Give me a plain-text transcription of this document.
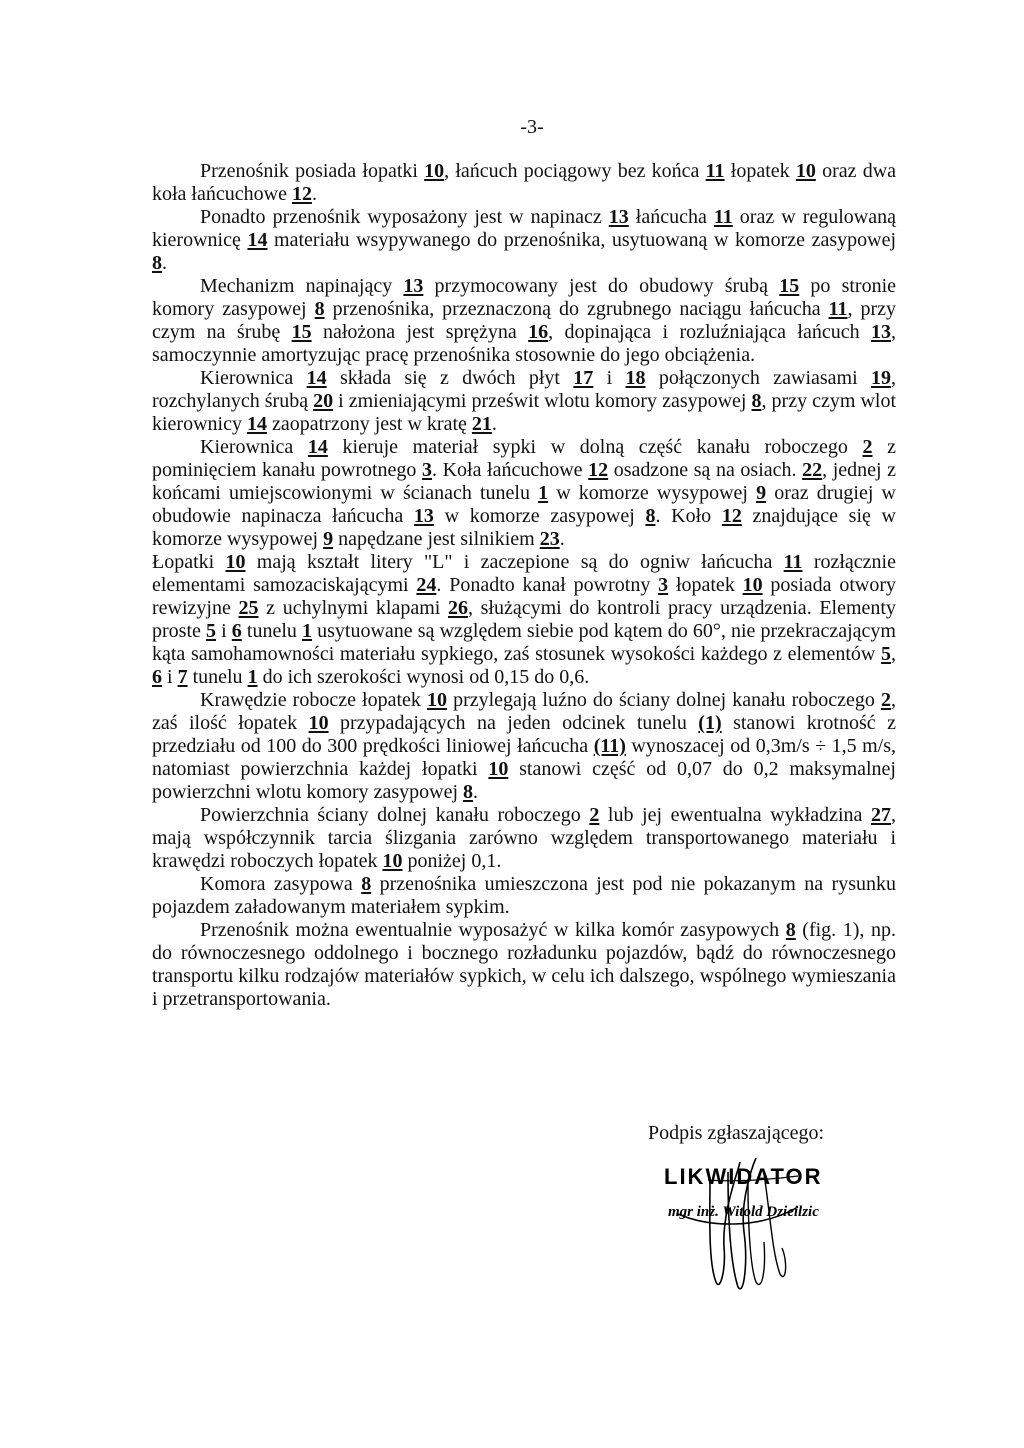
-3-

Przenośnik posiada łopatki 10, łańcuch pociągowy bez końca 11 łopatek 10 oraz dwa koła łańcuchowe 12.

Ponadto przenośnik wyposażony jest w napinacz 13 łańcucha 11 oraz w regulowaną kierownicę 14 materiału wsypywanego do przenośnika, usytuowaną w komorze zasypowej 8.

Mechanizm napinający 13 przymocowany jest do obudowy śrubą 15 po stronie komory zasypowej 8 przenośnika, przeznaczoną do zgrubnego naciągu łańcucha 11, przy czym na śrubę 15 nałożona jest sprężyna 16, dopinająca i rozluźniająca łańcuch 13, samoczynnie amortyzując pracę przenośnika stosownie do jego obciążenia.

Kierownica 14 składa się z dwóch płyt 17 i 18 połączonych zawiasami 19, rozchylanych śrubą 20 i zmieniającymi prześwit wlotu komory zasypowej 8, przy czym wlot kierownicy 14 zaopatrzony jest w kratę 21.

Kierownica 14 kieruje materiał sypki w dolną część kanału roboczego 2 z pominięciem kanału powrotnego 3. Koła łańcuchowe 12 osadzone są na osiach. 22, jednej z końcami umiejscowionymi w ścianach tunelu 1 w komorze wysypowej 9 oraz drugiej w obudowie napinacza łańcucha 13 w komorze zasypowej 8. Koło 12 znajdujące się w komorze wysypowej 9 napędzane jest silnikiem 23.

Łopatki 10 mają kształt litery "L" i zaczepione są do ogniw łańcucha 11 rozłącznie elementami samozaciskającymi 24. Ponadto kanał powrotny 3 łopatek 10 posiada otwory rewizyjne 25 z uchylnymi klapami 26, służącymi do kontroli pracy urządzenia. Elementy proste 5 i 6 tunelu 1 usytuowane są względem siebie pod kątem do 60°, nie przekraczającym kąta samohamowności materiału sypkiego, zaś stosunek wysokości każdego z elementów 5, 6 i 7 tunelu 1 do ich szerokości wynosi od 0,15 do 0,6.

Krawędzie robocze łopatek 10 przylegają luźno do ściany dolnej kanału roboczego 2, zaś ilość łopatek 10 przypadających na jeden odcinek tunelu (1) stanowi krotność z przedziału od 100 do 300 prędkości liniowej łańcucha (11) wynoszacej od 0,3m/s ÷ 1,5 m/s, natomiast powierzchnia każdej łopatki 10 stanowi część od 0,07 do 0,2 maksymalnej powierzchni wlotu komory zasypowej 8.

Powierzchnia ściany dolnej kanału roboczego 2 lub jej ewentualna wykładzina 27, mają współczynnik tarcia ślizgania zarówno względem transportowanego materiału i krawędzi roboczych łopatek 10 poniżej 0,1.

Komora zasypowa 8 przenośnika umieszczona jest pod nie pokazanym na rysunku pojazdem załadowanym materiałem sypkim.

Przenośnik można ewentualnie wyposażyć w kilka komór zasypowych 8 (fig. 1), np. do równoczesnego oddolnego i bocznego rozładunku pojazdów, bądź do równoczesnego transportu kilku rodzajów materiałów sypkich, w celu ich dalszego, wspólnego wymieszania i przetransportowania.

Podpis zgłaszającego:
LIKWIDATOR
mgr inż. Witold Dzieilzic
